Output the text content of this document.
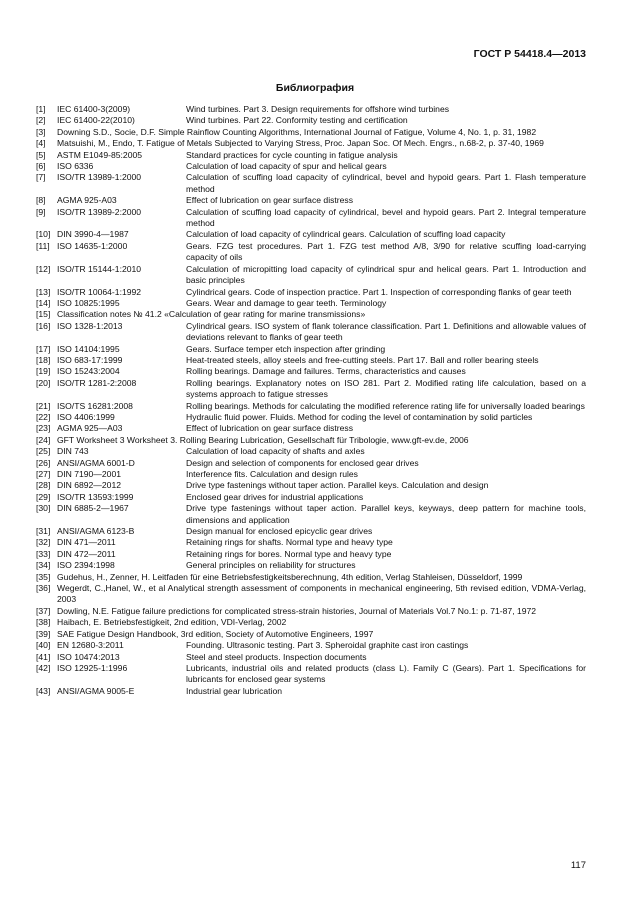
ГОСТ Р 54418.4—2013
Библиография
[1]	IEC 61400-3(2009)	Wind turbines. Part 3. Design requirements for offshore wind turbines
[2]	IEC 61400-22(2010)	Wind turbines. Part 22. Conformity testing and certification
[3]	Downing S.D., Socie, D.F. Simple Rainflow Counting Algorithms, International Journal of Fatigue, Volume 4, No. 1, p. 31, 1982
[4]	Matsuishi, M., Endo, T. Fatigue of Metals Subjected to Varying Stress, Proc. Japan Soc. Of Mech. Engrs., n.68-2, p. 37-40, 1969
[5]	ASTM E1049-85:2005	Standard practices for cycle counting in fatigue analysis
[6]	ISO 6336	Calculation of load capacity of spur and helical gears
[7]	ISO/TR 13989-1:2000	Calculation of scuffing load capacity of cylindrical, bevel and hypoid gears. Part 1. Flash temperature method
[8]	AGMA 925-A03	Effect of lubrication on gear surface distress
[9]	ISO/TR 13989-2:2000	Calculation of scuffing load capacity of cylindrical, bevel and hypoid gears. Part 2. Integral temperature method
[10] DIN 3990-4—1987	Calculation of load capacity of cylindrical gears. Calculation of scuffing load capacity
[11] ISO 14635-1:2000	Gears. FZG test procedures. Part 1. FZG test method A/8, 3/90 for relative scuffing load-carrying capacity of oils
[12] ISO/TR 15144-1:2010	Calculation of micropitting load capacity of cylindrical spur and helical gears. Part 1. Introduction and basic principles
[13] ISO/TR 10064-1:1992	Cylindrical gears. Code of inspection practice. Part 1. Inspection of corresponding flanks of gear teeth
[14] ISO 10825:1995	Gears. Wear and damage to gear teeth. Terminology
[15] Classification notes № 41.2 «Calculation of gear rating for marine transmissions»
[16] ISO 1328-1:2013	Cylindrical gears. ISO system of flank tolerance classification. Part 1. Definitions and allowable values of deviations relevant to flanks of gear teeth
[17] ISO 14104:1995	Gears. Surface temper etch inspection after grinding
[18] ISO 683-17:1999	Heat-treated steels, alloy steels and free-cutting steels. Part 17. Ball and roller bearing steels
[19] ISO 15243:2004	Rolling bearings. Damage and failures. Terms, characteristics and causes
[20] ISO/TR 1281-2:2008	Rolling bearings. Explanatory notes on ISO 281. Part 2. Modified rating life calculation, based on a systems approach to fatigue stresses
[21] ISO/TS 16281:2008	Rolling bearings. Methods for calculating the modified reference rating life for universally loaded bearings
[22] ISO 4406:1999	Hydraulic fluid power. Fluids. Method for coding the level of contamination by solid particles
[23] AGMA 925—A03	Effect of lubrication on gear surface distress
[24] GFT Worksheet 3 Worksheet 3. Rolling Bearing Lubrication, Gesellschaft für Tribologie, www.gft-ev.de, 2006
[25] DIN 743	Calculation of load capacity of shafts and axles
[26] ANSI/AGMA 6001-D	Design and selection of components for enclosed gear drives
[27] DIN 7190—2001	Interference fits. Calculation and design rules
[28] DIN 6892—2012	Drive type fastenings without taper action. Parallel keys. Calculation and design
[29] ISO/TR 13593:1999	Enclosed gear drives for industrial applications
[30] DIN 6885-2—1967	Drive type fastenings without taper action. Parallel keys, keyways, deep pattern for machine tools, dimensions and application
[31] ANSI/AGMA 6123-B	Design manual for enclosed epicyclic gear drives
[32] DIN 471—2011	Retaining rings for shafts. Normal type and heavy type
[33] DIN 472—2011	Retaining rings for bores. Normal type and heavy type
[34] ISO 2394:1998	General principles on reliability for structures
[35] Gudehus, H., Zenner, H. Leitfaden für eine Betriebsfestigkeitsberechnung, 4th edition, Verlag Stahleisen, Düsseldorf, 1999
[36] Wegerdt, C.,Hanel, W., et al Analytical strength assessment of components in mechanical engineering, 5th revised edition, VDMA-Verlag, 2003
[37] Dowling, N.E. Fatigue failure predictions for complicated stress-strain histories, Journal of Materials Vol.7 No.1: p. 71-87, 1972
[38] Haibach, E. Betriebsfestigkeit, 2nd edition, VDI-Verlag, 2002
[39] SAE Fatigue Design Handbook, 3rd edition, Society of Automotive Engineers, 1997
[40] EN 12680-3:2011	Founding. Ultrasonic testing. Part 3. Spheroidal graphite cast iron castings
[41] ISO 10474:2013	Steel and steel products. Inspection documents
[42] ISO 12925-1:1996	Lubricants, industrial oils and related products (class L). Family C (Gears). Part 1. Specifications for lubricants for enclosed gear systems
[43] ANSI/AGMA 9005-E	Industrial gear lubrication
117
